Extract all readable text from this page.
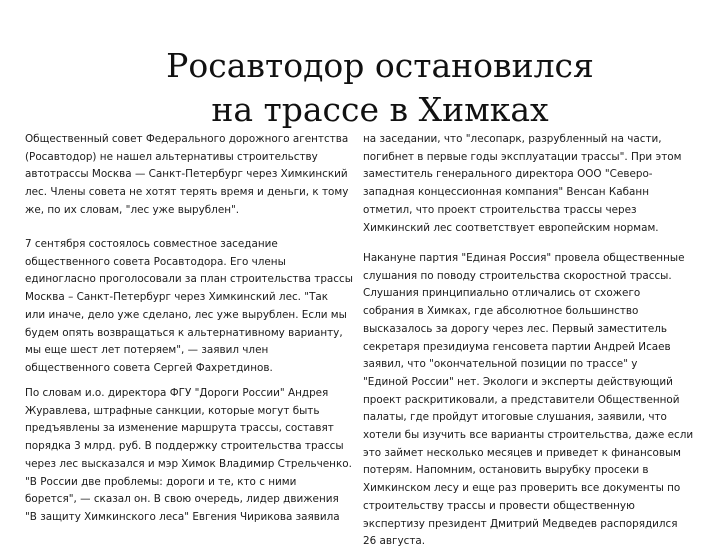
Росавтодор остановился
на трассе в Химках

Общественный совет Федерального дорожного агентства
(Росавтодор) не нашел альтернативы строительству
автотрассы Москва — Санкт-Петербург через Химкинский
лес. Члены совета не хотят терять время и деньги, к тому
же, по их словам, "лес уже вырублен".

7 сентября состоялось совместное заседание
общественного совета Росавтодора. Его члены
единогласно проголосовали за план строительства трассы
Москва – Санкт-Петербург через Химкинский лес. "Так
или иначе, дело уже сделано, лес уже вырублен. Если мы
будем опять возвращаться к альтернативному варианту,
мы еще шест лет потеряем", — заявил член
общественного совета Сергей Фахретдинов.

По словам и.о. директора ФГУ "Дороги России" Андрея
Журавлева, штрафные санкции, которые могут быть
предъявлены за изменение маршрута трассы, составят
порядка 3 млрд. руб. В поддержку строительства трассы
через лес высказался и мэр Химок Владимир Стрельченко.
"В России две проблемы: дороги и те, кто с ними
борется", — сказал он. В свою очередь, лидер движения
"В защиту Химкинского леса" Евгения Чирикова заявила

на заседании, что "лесопарк, разрубленный на части,
погибнет в первые годы эксплуатации трассы". При этом
заместитель генерального директора ООО "Северо-
западная концессионная компания" Венсан Кабанн
отметил, что проект строительства трассы через
Химкинский лес соответствует европейским нормам.

Накануне партия "Единая Россия" провела общественные
слушания по поводу строительства скоростной трассы.
Слушания принципиально отличались от схожего
собрания в Химках, где абсолютное большинство
высказалось за дорогу через лес. Первый заместитель
секретаря президиума генсовета партии Андрей Исаев
заявил, что "окончательной позиции по трассе" у
"Единой России" нет. Экологи и эксперты действующий
проект раскритиковали, а представители Общественной
палаты, где пройдут итоговые слушания, заявили, что
хотели бы изучить все варианты строительства, даже если
это займет несколько месяцев и приведет к финансовым
потерям. Напомним, остановить вырубку просеки в
Химкинском лесу и еще раз проверить все документы по
строительству трассы и провести общественную
экспертизу президент Дмитрий Медведев распорядился
26 августа.
